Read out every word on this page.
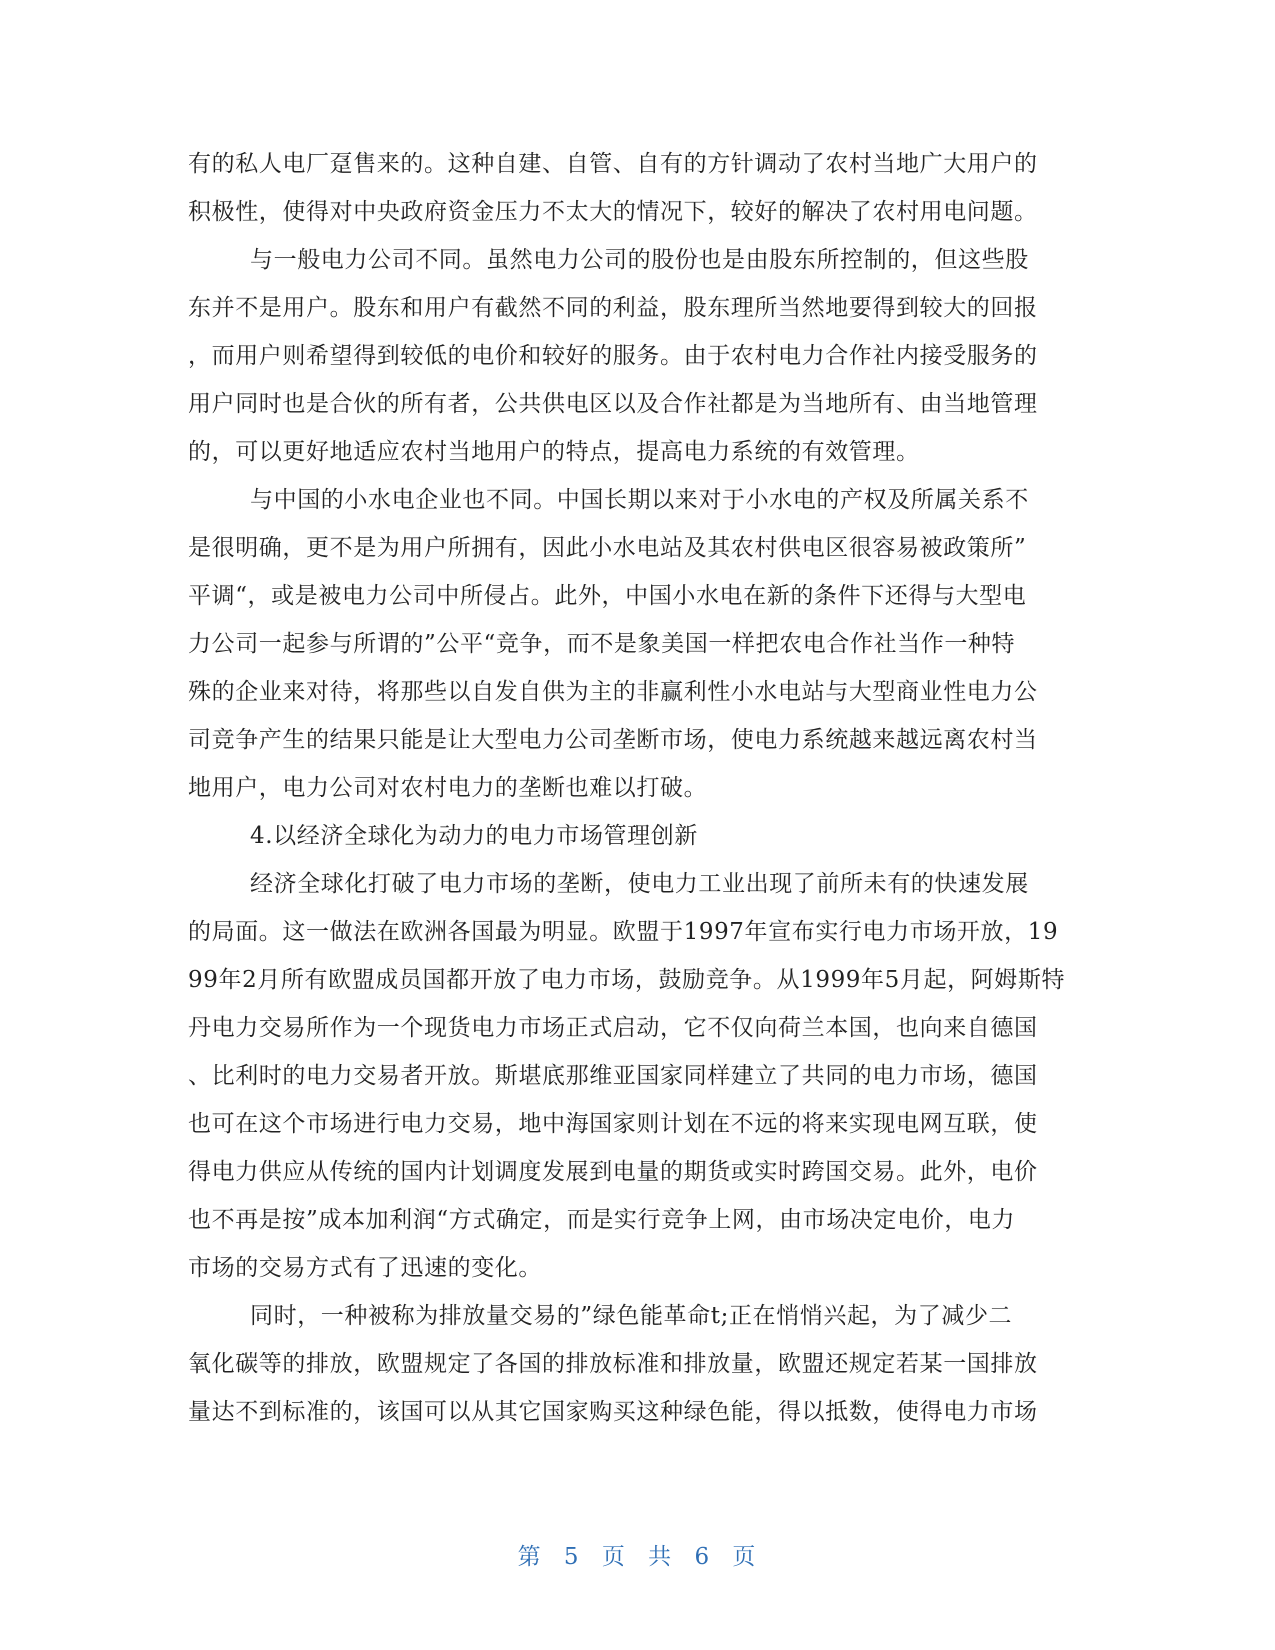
有的私人电厂趸售来的。这种自建、自管、自有的方针调动了农村当地广大用户的
积极性，使得对中央政府资金压力不太大的情况下，较好的解决了农村用电问题。
与一般电力公司不同。虽然电力公司的股份也是由股东所控制的，但这些股
东并不是用户。股东和用户有截然不同的利益，股东理所当然地要得到较大的回报
，而用户则希望得到较低的电价和较好的服务。由于农村电力合作社内接受服务的
用户同时也是合伙的所有者，公共供电区以及合作社都是为当地所有、由当地管理
的，可以更好地适应农村当地用户的特点，提高电力系统的有效管理。
与中国的小水电企业也不同。中国长期以来对于小水电的产权及所属关系不
是很明确，更不是为用户所拥有，因此小水电站及其农村供电区很容易被政策所”
平调“，或是被电力公司中所侵占。此外，中国小水电在新的条件下还得与大型电
力公司一起参与所谓的”公平“竞争，而不是象美国一样把农电合作社当作一种特
殊的企业来对待，将那些以自发自供为主的非赢利性小水电站与大型商业性电力公
司竞争产生的结果只能是让大型电力公司垄断市场，使电力系统越来越远离农村当
地用户，电力公司对农村电力的垄断也难以打破。
4.以经济全球化为动力的电力市场管理创新
经济全球化打破了电力市场的垄断，使电力工业出现了前所未有的快速发展
的局面。这一做法在欧洲各国最为明显。欧盟于1997年宣布实行电力市场开放，19
99年2月所有欧盟成员国都开放了电力市场，鼓励竞争。从1999年5月起，阿姆斯特
丹电力交易所作为一个现货电力市场正式启动，它不仅向荷兰本国，也向来自德国
、比利时的电力交易者开放。斯堪底那维亚国家同样建立了共同的电力市场，德国
也可在这个市场进行电力交易，地中海国家则计划在不远的将来实现电网互联，使
得电力供应从传统的国内计划调度发展到电量的期货或实时跨国交易。此外，电价
也不再是按”成本加利润“方式确定，而是实行竞争上网，由市场决定电价，电力
市场的交易方式有了迅速的变化。
同时，一种被称为排放量交易的”绿色能革命t;正在悄悄兴起，为了减少二
氧化碳等的排放，欧盟规定了各国的排放标准和排放量，欧盟还规定若某一国排放
量达不到标准的，该国可以从其它国家购买这种绿色能，得以抵数，使得电力市场
第 5 页 共 6 页
